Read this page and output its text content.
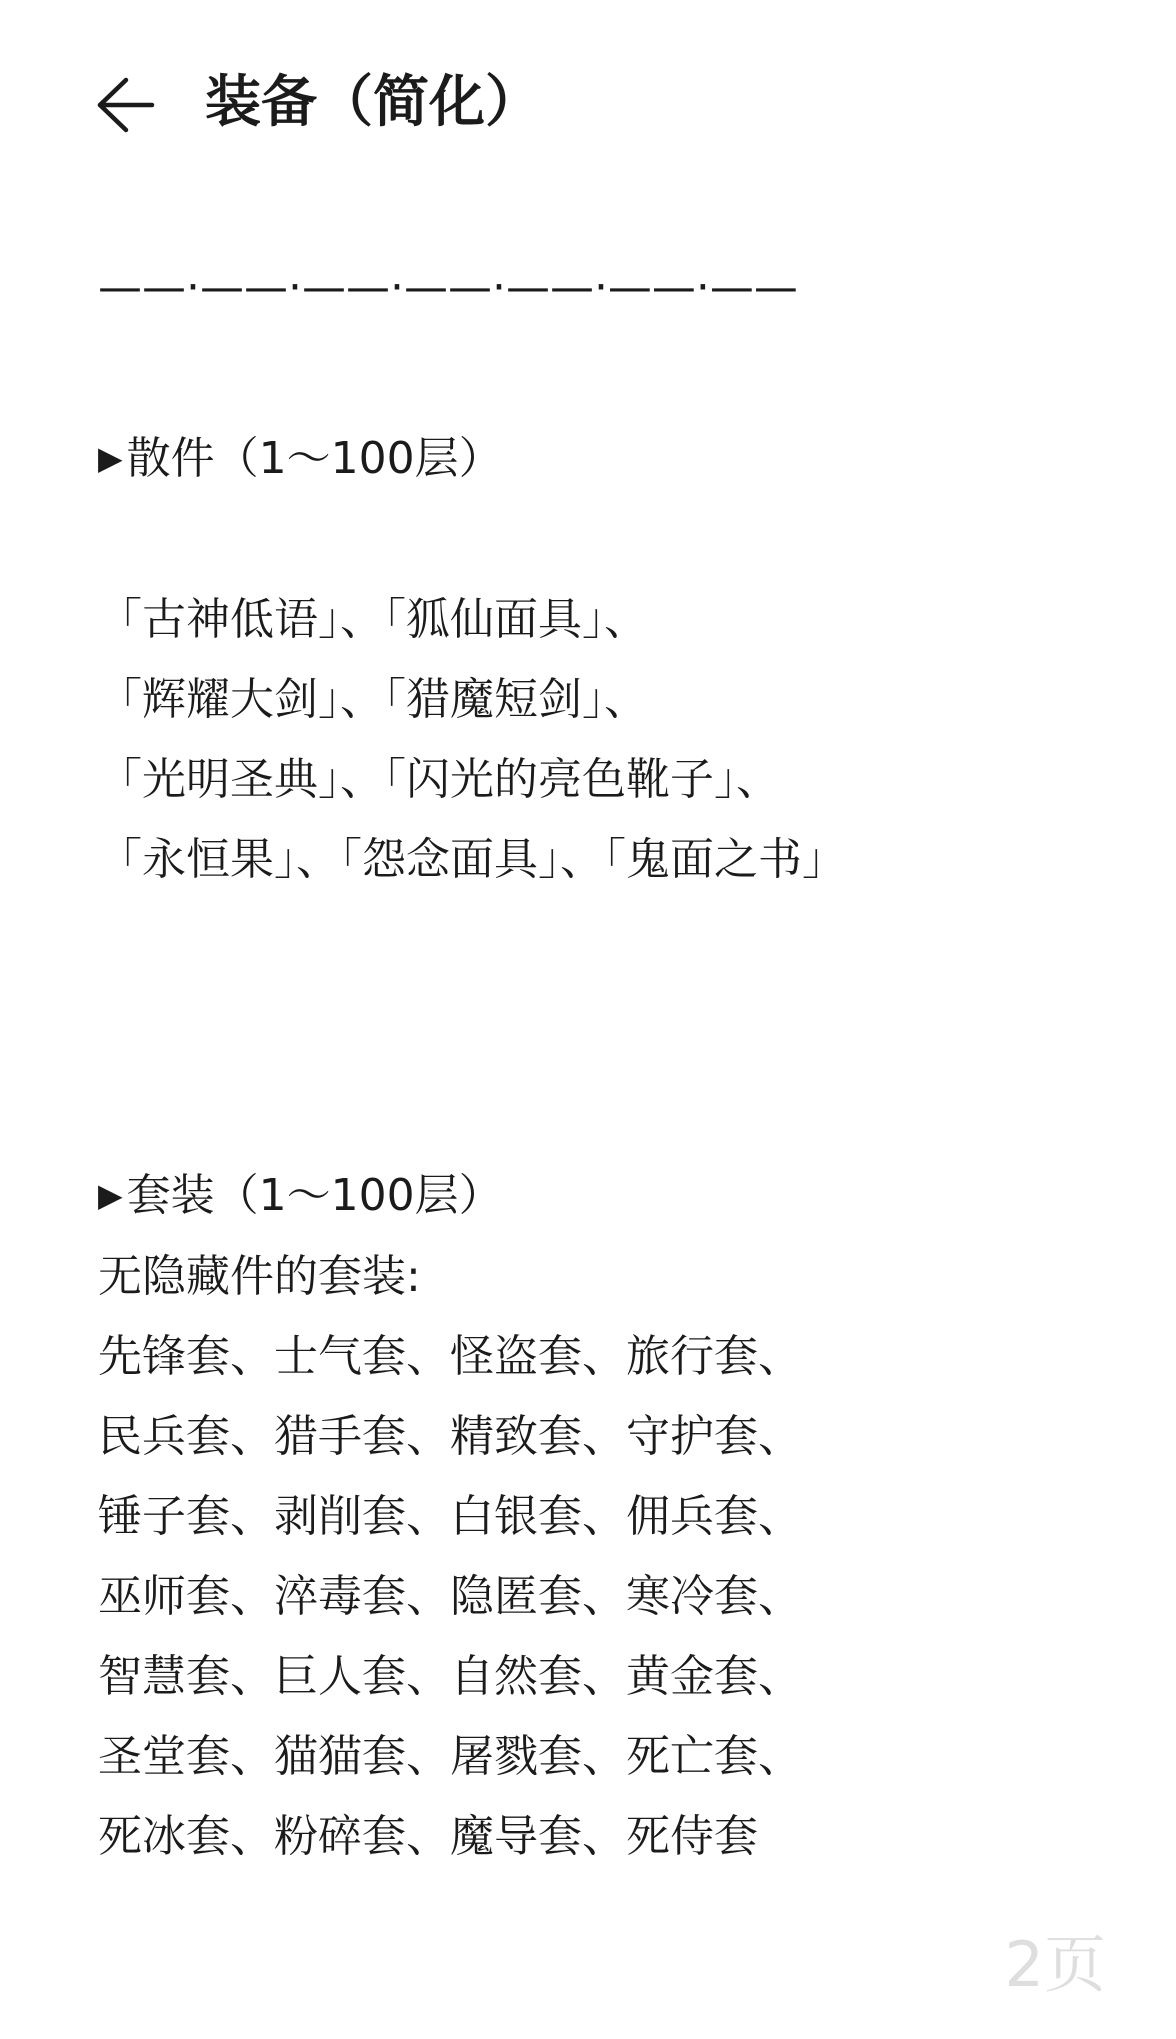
装备（简化）
——·——·——·——·——·——·——
▶散件（1～100层）
「古神低语」、「狐仙面具」、
「辉耀大剑」、「猎魔短剑」、
「光明圣典」、「闪光的亮色靴子」、
「永恒果」、「怨念面具」、「鬼面之书」
▶套装（1～100层）
无隐藏件的套装:
先锋套、士气套、怪盗套、旅行套、
民兵套、猎手套、精致套、守护套、
锤子套、剥削套、白银套、佣兵套、
巫师套、淬毒套、隐匿套、寒冷套、
智慧套、巨人套、自然套、黄金套、
圣堂套、猫猫套、屠戮套、死亡套、
死冰套、粉碎套、魔导套、死侍套
2页
